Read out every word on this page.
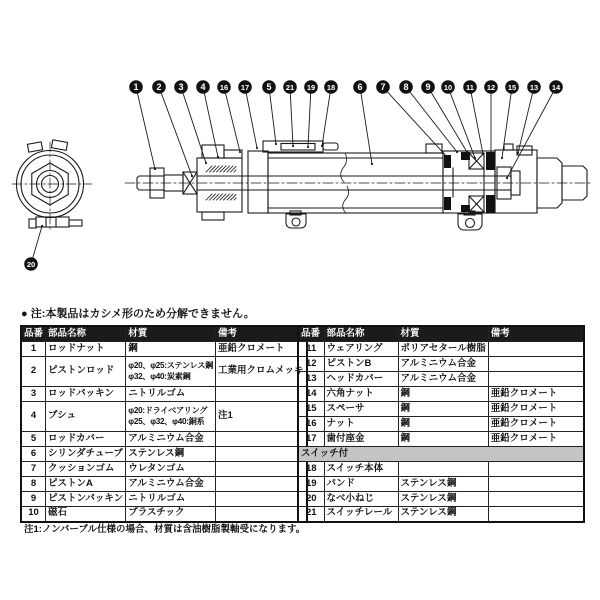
1 2 3 4 16 17 5 21 19 18 6 7 8 9 10 11 12 15 13 14
20
● 注:本製品はカシメ形のため分解できません。
品番	部品名称	材質	備考
1	ロッドナット	鋼	亜鉛クロメート
2	ピストンロッド	φ20、φ25:ステンレス鋼
φ32、φ40:炭素鋼	工業用クロムメッキ
3	ロッドパッキン	ニトリルゴム	
4	ブシュ	φ20:ドライベアリング
φ25、φ32、φ40:銅系	注1
5	ロッドカバー	アルミニウム合金	
6	シリンダチューブ	ステンレス鋼	
7	クッションゴム	ウレタンゴム	
8	ピストンA	アルミニウム合金	
9	ピストンパッキン	ニトリルゴム	
10	磁石	プラスチック	
品番	部品名称	材質	備考
11	ウェアリング	ポリアセタール樹脂	
12	ピストンB	アルミニウム合金	
13	ヘッドカバー	アルミニウム合金	
14	六角ナット	鋼	亜鉛クロメート
15	スペーサ	鋼	亜鉛クロメート
16	ナット	鋼	亜鉛クロメート
17	歯付座金	鋼	亜鉛クロメート
スイッチ付			
18	スイッチ本体		
19	バンド	ステンレス鋼	
20	なべ小ねじ	ステンレス鋼	
21	スイッチレール	ステンレス鋼	
注1:ノンバーブル仕様の場合、材質は含油樹脂製軸受になります。
